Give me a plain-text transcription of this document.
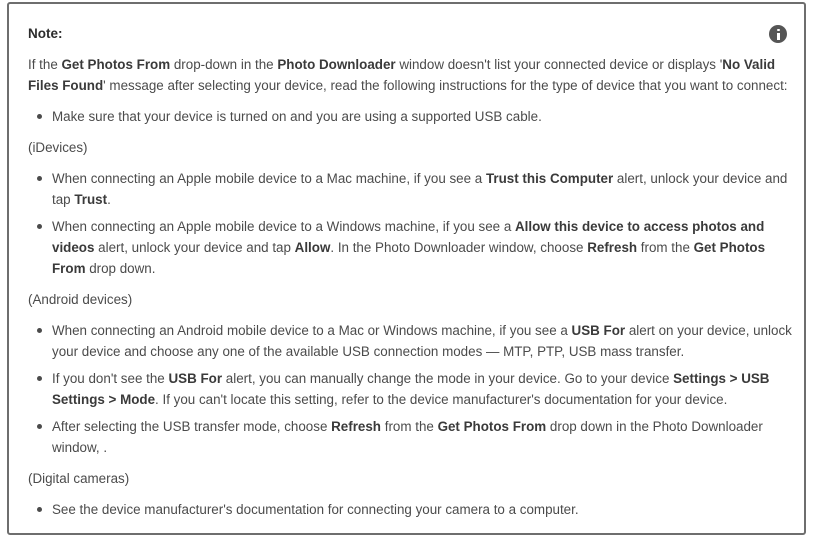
Note:

If the Get Photos From drop-down in the Photo Downloader window doesn't list your connected device or displays 'No Valid Files Found' message after selecting your device, read the following instructions for the type of device that you want to connect:

Make sure that your device is turned on and you are using a supported USB cable.

(iDevices)

When connecting an Apple mobile device to a Mac machine, if you see a Trust this Computer alert, unlock your device and tap Trust.
When connecting an Apple mobile device to a Windows machine, if you see a Allow this device to access photos and videos alert, unlock your device and tap Allow. In the Photo Downloader window, choose Refresh from the Get Photos From drop down.

(Android devices)

When connecting an Android mobile device to a Mac or Windows machine, if you see a USB For alert on your device, unlock your device and choose any one of the available USB connection modes — MTP, PTP, USB mass transfer.
If you don't see the USB For alert, you can manually change the mode in your device. Go to your device Settings > USB Settings > Mode. If you can't locate this setting, refer to the device manufacturer's documentation for your device.
After selecting the USB transfer mode, choose Refresh from the Get Photos From drop down in the Photo Downloader window, .

(Digital cameras)

See the device manufacturer's documentation for connecting your camera to a computer.
